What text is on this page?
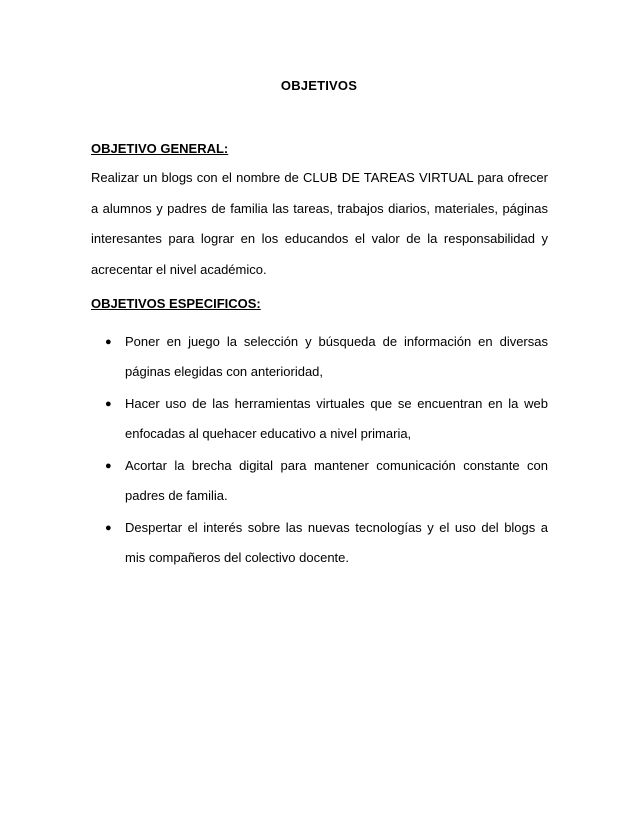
OBJETIVOS
OBJETIVO GENERAL:

Realizar un blogs con el nombre de CLUB DE TAREAS VIRTUAL para ofrecer a alumnos y padres de familia las tareas, trabajos diarios, materiales, páginas interesantes para lograr en los educandos el valor de la responsabilidad y acrecentar el nivel académico.

OBJETIVOS ESPECIFICOS:
● Poner en juego la selección y búsqueda de información en diversas páginas elegidas con anterioridad,
● Hacer uso de las herramientas virtuales que se encuentran en la web enfocadas al quehacer educativo a nivel primaria,
● Acortar la brecha digital para mantener comunicación constante con padres de familia.
● Despertar el interés sobre las nuevas tecnologías y el uso del blogs a mis compañeros del colectivo docente.
